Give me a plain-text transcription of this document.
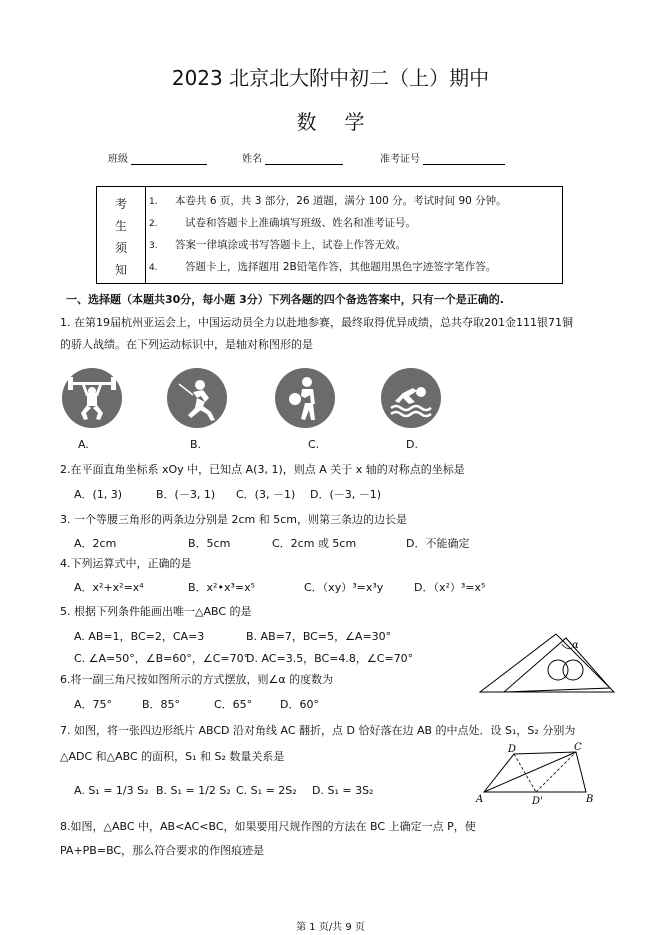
2023 北京北大附中初二（上）期中
数学
班级	姓名	准考证号
考
生
须
知
1. 本卷共 6 页，共 3 部分，26 道题，满分 100 分。考试时间 90 分钟。
2.	试卷和答题卡上准确填写班级、姓名和准考证号。
3. 答案一律填涂或书写答题卡上，试卷上作答无效。
4.	答题卡上，选择题用 2B铅笔作答，其他题用黑色字迹签字笔作答。
一、选择题（本题共30分，每小题 3分）下列各题的四个备选答案中，只有一个是正确的.
1. 在第19届杭州亚运会上，中国运动员全力以赴地参赛，最终取得优异成绩，总共夺取201金111银71铜
的骄人战绩。在下列运动标识中，是轴对称图形的是
A.	B.	C.	D.
2.在平面直角坐标系 xOy 中，已知点 A(3, 1)，则点 A 关于 x 轴的对称点的坐标是
A．(1, 3)	B．(－3, 1) C．(3, －1) D．(－3, －1)
3. 一个等腰三角形的两条边分别是 2cm 和 5cm，则第三条边的边长是
A．2cm	B．5cm	C．2cm 或 5cm	D．不能确定
4.下列运算式中，正确的是
A．x²+x²=x⁴	B．x²•x³=x⁵	C．（xy）³=x³y	D．（x²）³=x⁵
5. 根据下列条件能画出唯一△ABC 的是
A. AB=1，BC=2，CA=3	B. AB=7，BC=5，∠A=30°
C. ∠A=50°，∠B=60°，∠C=70°
D. AC=3.5，BC=4.8，∠C=70°
α
6.将一副三角尺按如图所示的方式摆放，则∠α 的度数为
A．75°	B．85°	C．65°	D．60°
7. 如图，将一张四边形纸片 ABCD 沿对角线 AC 翻折，点 D 恰好落在边 AB 的中点处．设 S₁，S₂ 分别为
△ADC 和△ABC 的面积，S₁ 和 S₂ 数量关系是
D	C
A	D'	B
A. S₁ = 1/3 S₂ B. S₁ = 1/2 S₂ C. S₁ = 2S₂ D. S₁ = 3S₂
8.如图，△ABC 中，AB<AC<BC，如果要用尺规作图的方法在 BC 上确定一点 P，使
PA+PB=BC，那么符合要求的作图痕迹是
第 1 页/共 9 页
